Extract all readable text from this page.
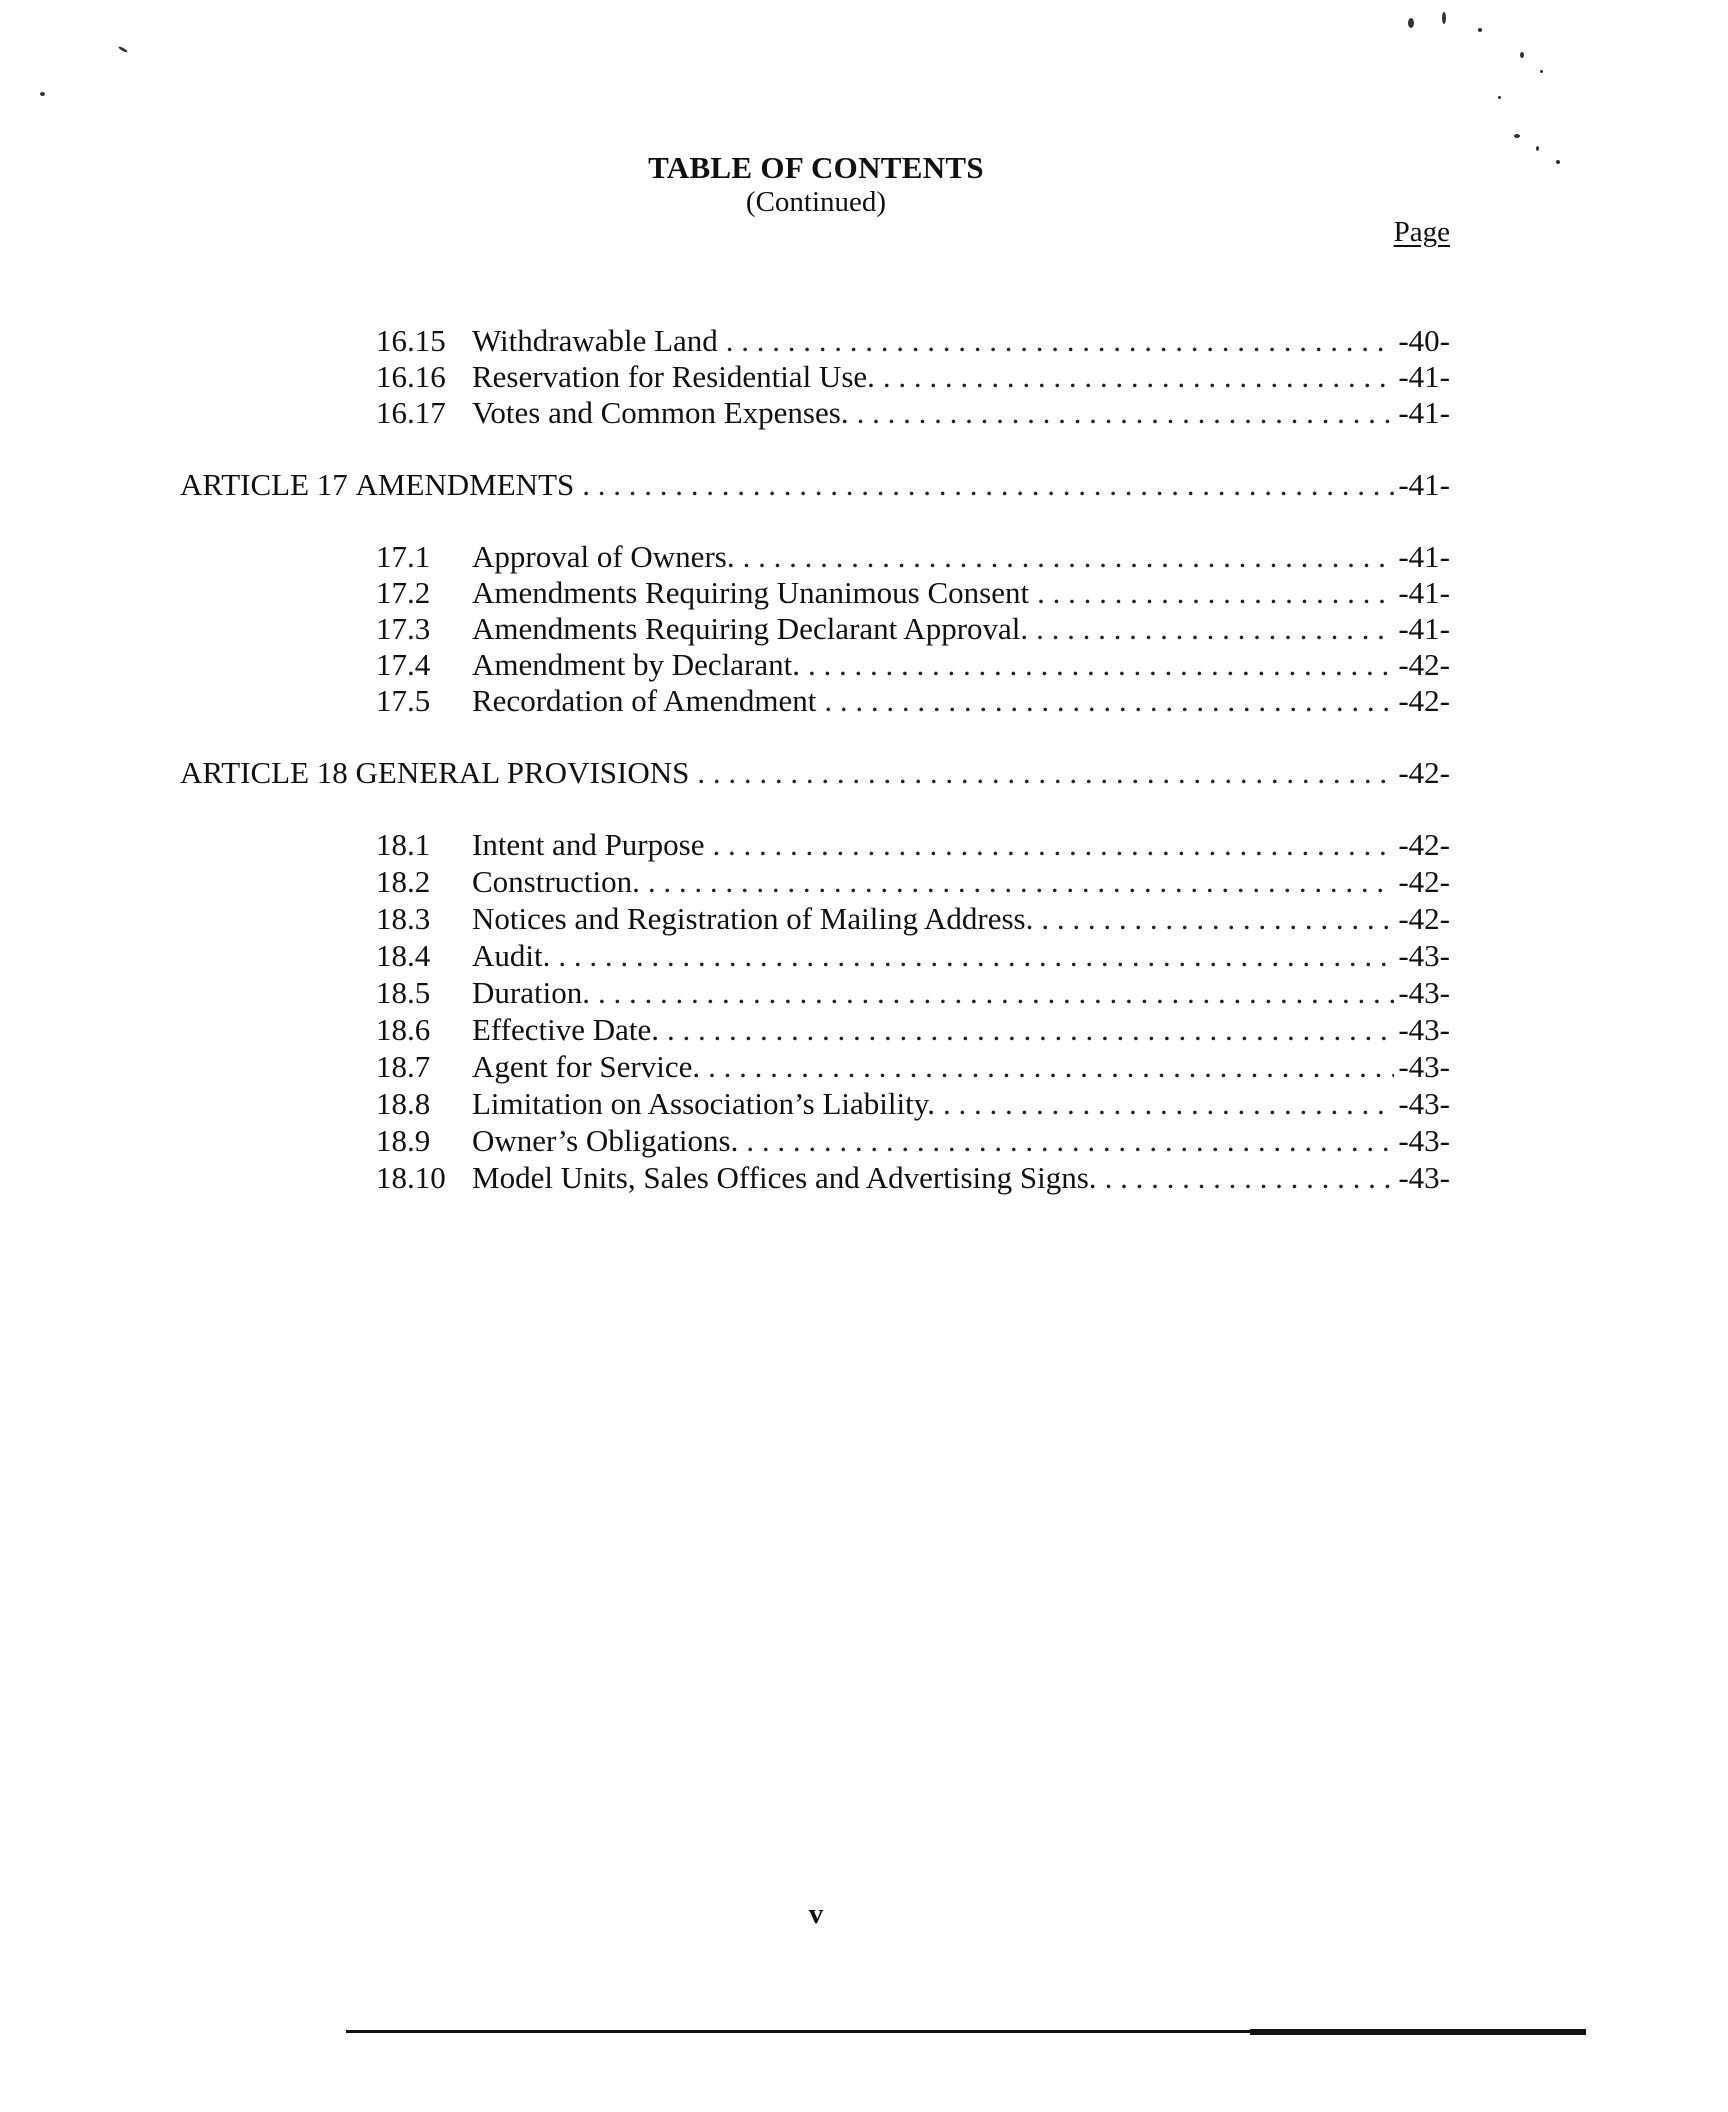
TABLE OF CONTENTS
(Continued)
Page
16.15 Withdrawable Land . . .	-40-
16.16 Reservation for Residential Use. . . .	-41-
16.17 Votes and Common Expenses. . . .	-41-
ARTICLE 17 AMENDMENTS . . .	-41-
17.1 Approval of Owners. . . .	-41-
17.2 Amendments Requiring Unanimous Consent . . .	-41-
17.3 Amendments Requiring Declarant Approval. . . .	-41-
17.4 Amendment by Declarant. . . .	-42-
17.5 Recordation of Amendment . . .	-42-
ARTICLE 18 GENERAL PROVISIONS . . .	-42-
18.1 Intent and Purpose . . .	-42-
18.2 Construction. . . .	-42-
18.3 Notices and Registration of Mailing Address. . . .	-42-
18.4 Audit. . . .	-43-
18.5 Duration. . . .	-43-
18.6 Effective Date. . . .	-43-
18.7 Agent for Service. . . .	-43-
18.8 Limitation on Association’s Liability. . . .	-43-
18.9 Owner’s Obligations. . . .	-43-
18.10 Model Units, Sales Offices and Advertising Signs. . . .	-43-
v
